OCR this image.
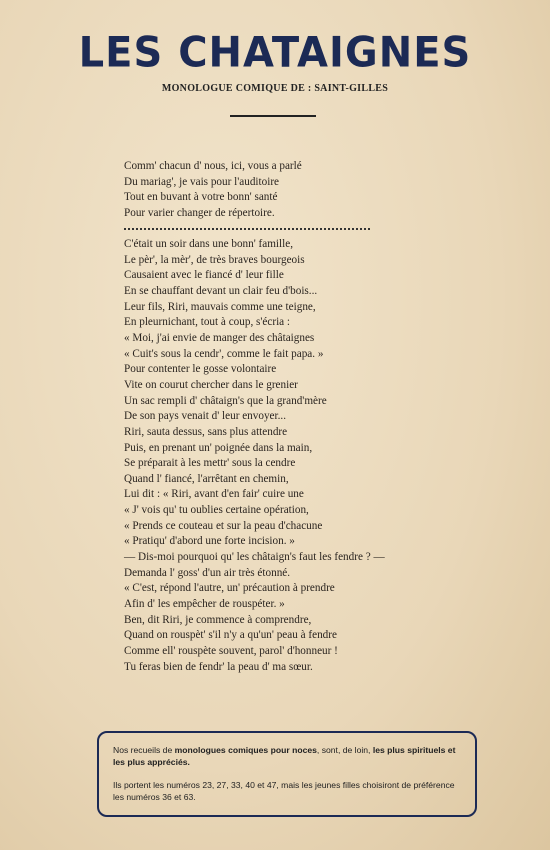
LES CHATAIGNES
MONOLOGUE COMIQUE DE : SAINT-GILLES
Comm' chacun d' nous, ici, vous a parlé
Du mariag', je vais pour l'auditoire
Tout en buvant à votre bonn' santé
Pour varier changer de répertoire.
C'était un soir dans une bonn' famille,
Le pèr', la mèr', de très braves bourgeois
Causaient avec le fiancé d' leur fille
En se chauffant devant un clair feu d'bois...
Leur fils, Riri, mauvais comme une teigne,
En pleurnichant, tout à coup, s'écria :
« Moi, j'ai envie de manger des châtaignes
« Cuit's sous la cendr', comme le fait papa. »
Pour contenter le gosse volontaire
Vite on courut chercher dans le grenier
Un sac rempli d' châtaign's que la grand'mère
De son pays venait d' leur envoyer...
Riri, sauta dessus, sans plus attendre
Puis, en prenant un' poignée dans la main,
Se préparait à les mettr' sous la cendre
Quand l' fiancé, l'arrêtant en chemin,
Lui dit : « Riri, avant d'en fair' cuire une
« J' vois qu' tu oublies certaine opération,
« Prends ce couteau et sur la peau d'chacune
« Pratiqu' d'abord une forte incision. »
— Dis-moi pourquoi qu' les châtaign's faut les fendre ? —
Demanda l' goss' d'un air très étonné.
« C'est, répond l'autre, un' précaution à prendre
Afin d' les empêcher de rouspéter. »
Ben, dit Riri, je commence à comprendre,
Quand on rouspèt' s'il n'y a qu'un' peau à fendre
Comme ell' rouspète souvent, parol' d'honneur !
Tu feras bien de fendr' la peau d' ma sœur.

Nos recueils de monologues comiques pour noces, sont, de loin, les plus spirituels et les plus appréciés.

Ils portent les numéros 23, 27, 33, 40 et 47, mais les jeunes filles choisiront de préférence les numéros 36 et 63.
